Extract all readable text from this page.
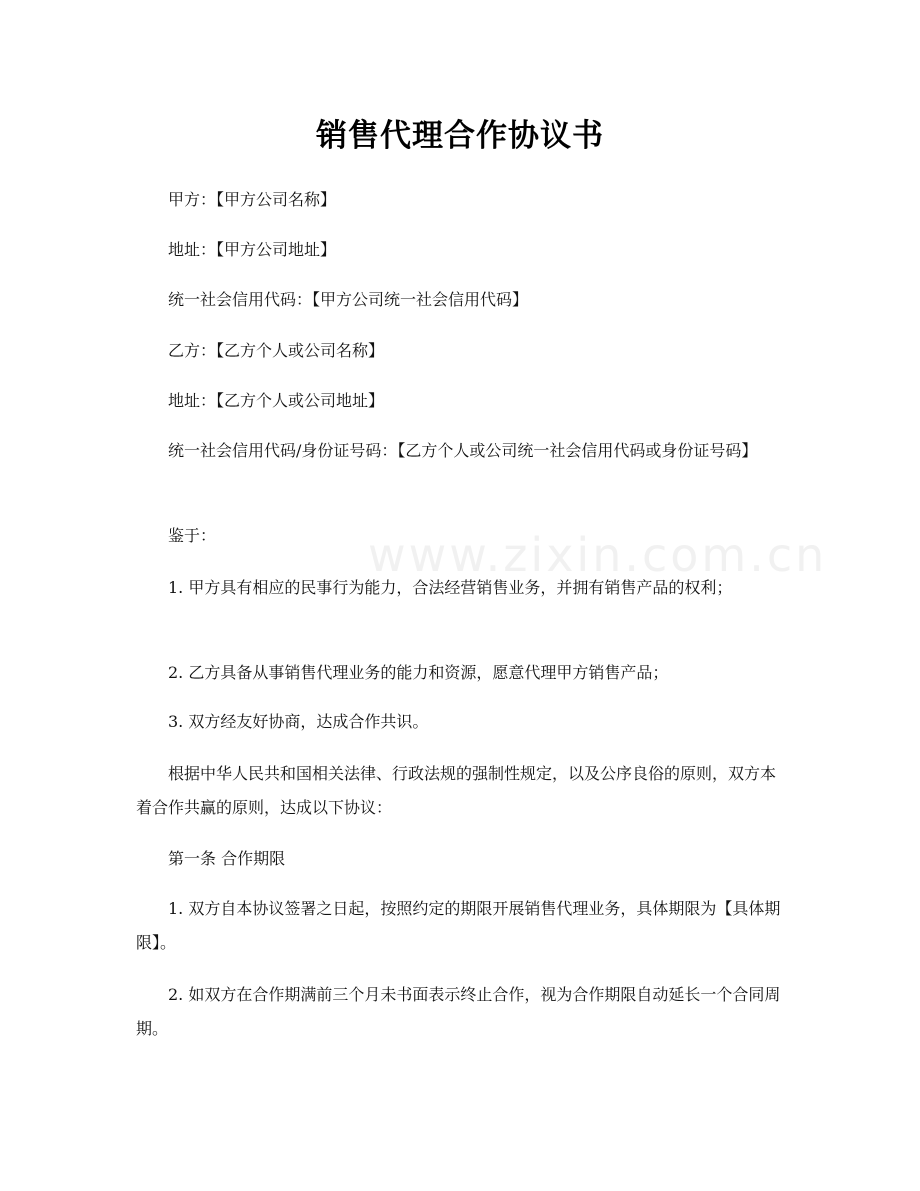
www.zixin.com.cn
销售代理合作协议书
甲方：【甲方公司名称】
地址：【甲方公司地址】
统一社会信用代码：【甲方公司统一社会信用代码】
乙方：【乙方个人或公司名称】
地址：【乙方个人或公司地址】
统一社会信用代码/身份证号码：【乙方个人或公司统一社会信用代码或身份证号码】
鉴于：
1. 甲方具有相应的民事行为能力，合法经营销售业务，并拥有销售产品的权利；
2. 乙方具备从事销售代理业务的能力和资源，愿意代理甲方销售产品；
3. 双方经友好协商，达成合作共识。
根据中华人民共和国相关法律、行政法规的强制性规定，以及公序良俗的原则，双方本着合作共赢的原则，达成以下协议：
第一条 合作期限
1. 双方自本协议签署之日起，按照约定的期限开展销售代理业务，具体期限为【具体期限】。
2. 如双方在合作期满前三个月未书面表示终止合作，视为合作期限自动延长一个合同周期。
